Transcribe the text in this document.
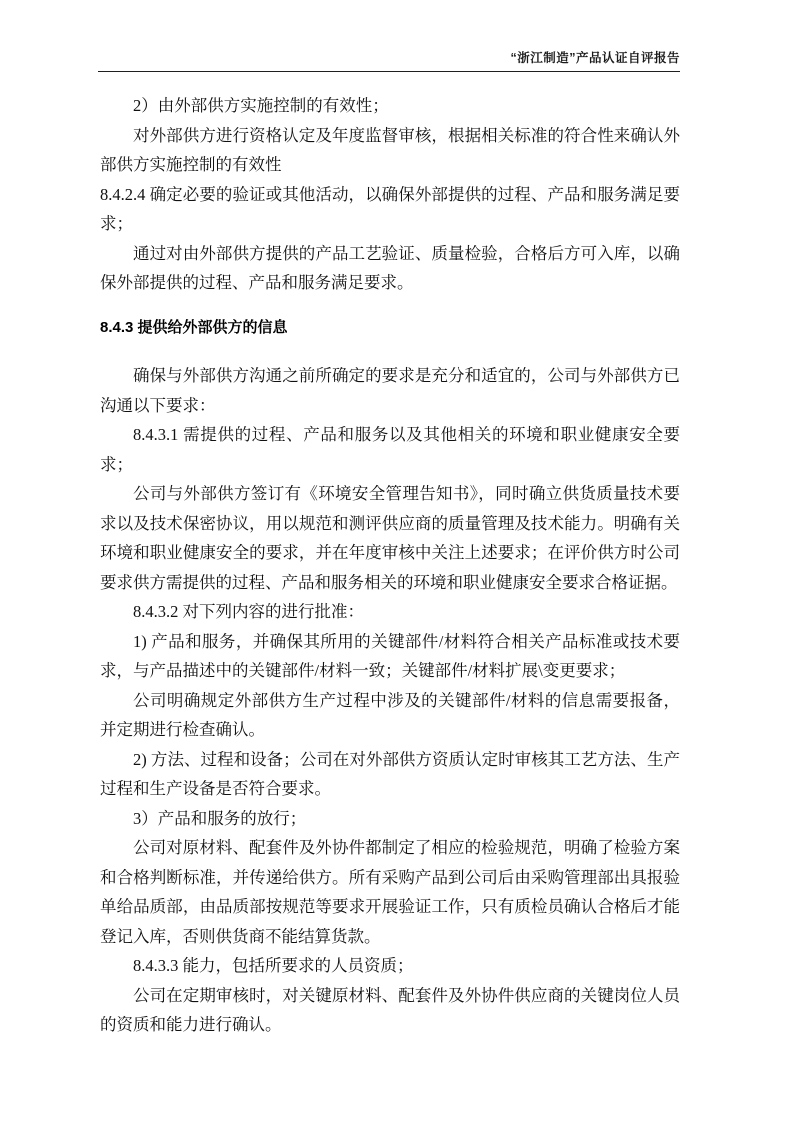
“浙江制造”产品认证自评报告

2）由外部供方实施控制的有效性；

对外部供方进行资格认定及年度监督审核，根据相关标准的符合性来确认外部供方实施控制的有效性

8.4.2.4 确定必要的验证或其他活动，以确保外部提供的过程、产品和服务满足要求；

通过对由外部供方提供的产品工艺验证、质量检验，合格后方可入库，以确保外部提供的过程、产品和服务满足要求。

8.4.3 提供给外部供方的信息

确保与外部供方沟通之前所确定的要求是充分和适宜的，公司与外部供方已沟通以下要求：

8.4.3.1 需提供的过程、产品和服务以及其他相关的环境和职业健康安全要求；

公司与外部供方签订有《环境安全管理告知书》，同时确立供货质量技术要求以及技术保密协议，用以规范和测评供应商的质量管理及技术能力。明确有关环境和职业健康安全的要求，并在年度审核中关注上述要求；在评价供方时公司要求供方需提供的过程、产品和服务相关的环境和职业健康安全要求合格证据。

8.4.3.2 对下列内容的进行批准：

1) 产品和服务，并确保其所用的关键部件/材料符合相关产品标准或技术要求，与产品描述中的关键部件/材料一致；关键部件/材料扩展\变更要求；

公司明确规定外部供方生产过程中涉及的关键部件/材料的信息需要报备，并定期进行检查确认。

2) 方法、过程和设备；公司在对外部供方资质认定时审核其工艺方法、生产过程和生产设备是否符合要求。

3）产品和服务的放行；

公司对原材料、配套件及外协件都制定了相应的检验规范，明确了检验方案和合格判断标准，并传递给供方。所有采购产品到公司后由采购管理部出具报验单给品质部，由品质部按规范等要求开展验证工作，只有质检员确认合格后才能登记入库，否则供货商不能结算货款。

8.4.3.3 能力，包括所要求的人员资质；

公司在定期审核时，对关键原材料、配套件及外协件供应商的关键岗位人员的资质和能力进行确认。
